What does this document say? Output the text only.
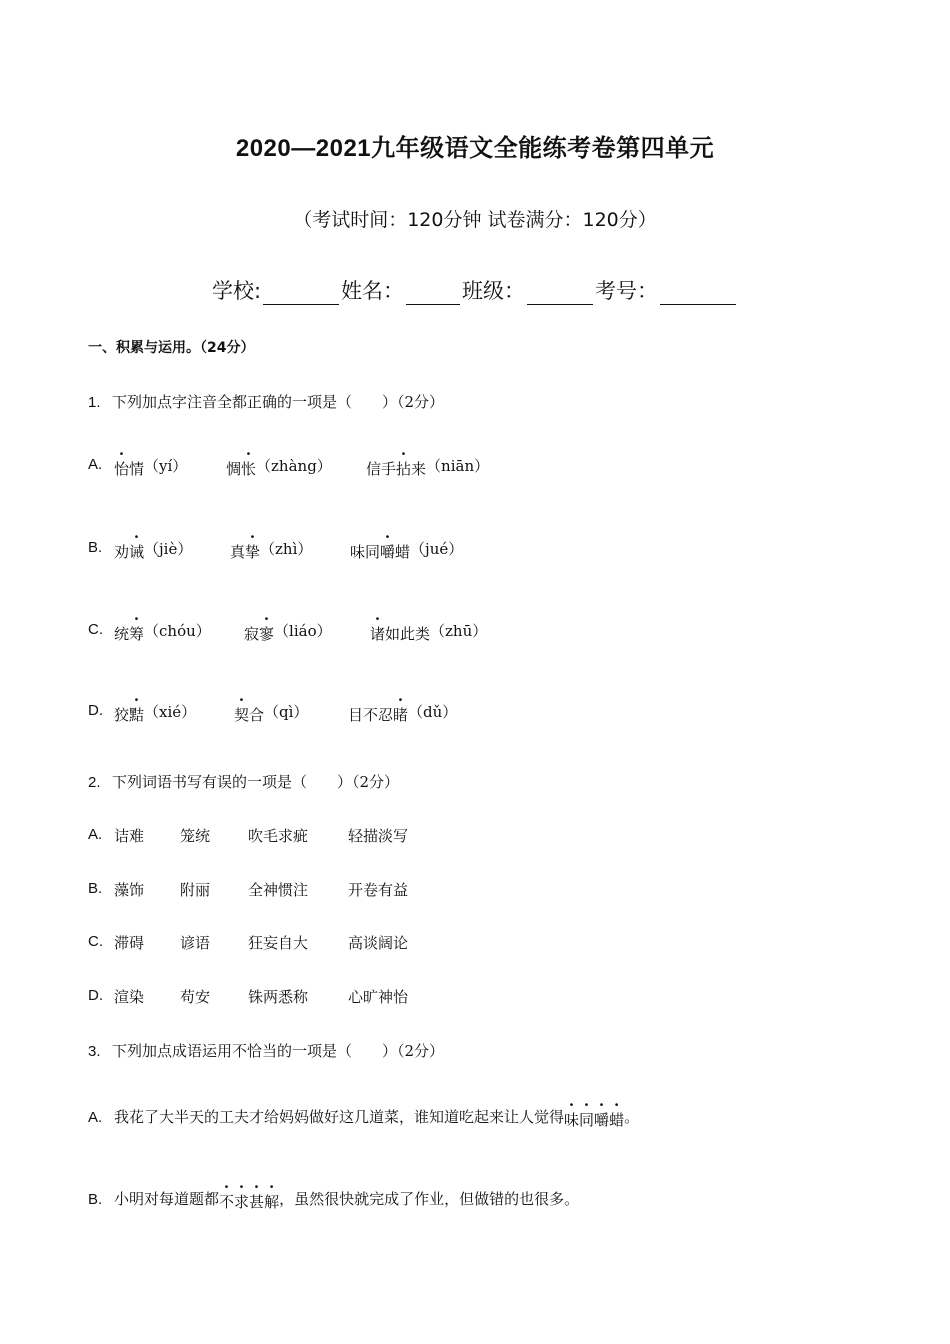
2020—2021九年级语文全能练考卷第四单元
（考试时间：120分钟 试卷满分：120分）
学校:	姓名：	班级：	考号：
一、积累与运用。（24分）
1. 下列加点字注音全都正确的一项是（　　）（2分）
A. 怡情（yí）	惆怅（zhàng） 信手拈来（niān）
B. 劝诫（jiè）	真挚（zhì）	味同嚼蜡（jué）
C. 统筹（chóu） 寂寥（liáo）	诸如此类（zhū）
D. 狡黠（xié）	契合（qì）	目不忍睹（dǔ）
2. 下列词语书写有误的一项是（　　）（2分）
A. 诘难 笼统	吹毛求疵	轻描淡写
B. 藻饰 附丽	全神惯注	开卷有益
C. 滞碍 谚语	狂妄自大	高谈阔论
D. 渲染 苟安	铢两悉称	心旷神怡
3. 下列加点成语运用不恰当的一项是（　　）（2分）
A. 我花了大半天的工夫才给妈妈做好这几道菜，谁知道吃起来让人觉得味同嚼蜡。
B. 小明对每道题都不求甚解，虽然很快就完成了作业，但做错的也很多。
